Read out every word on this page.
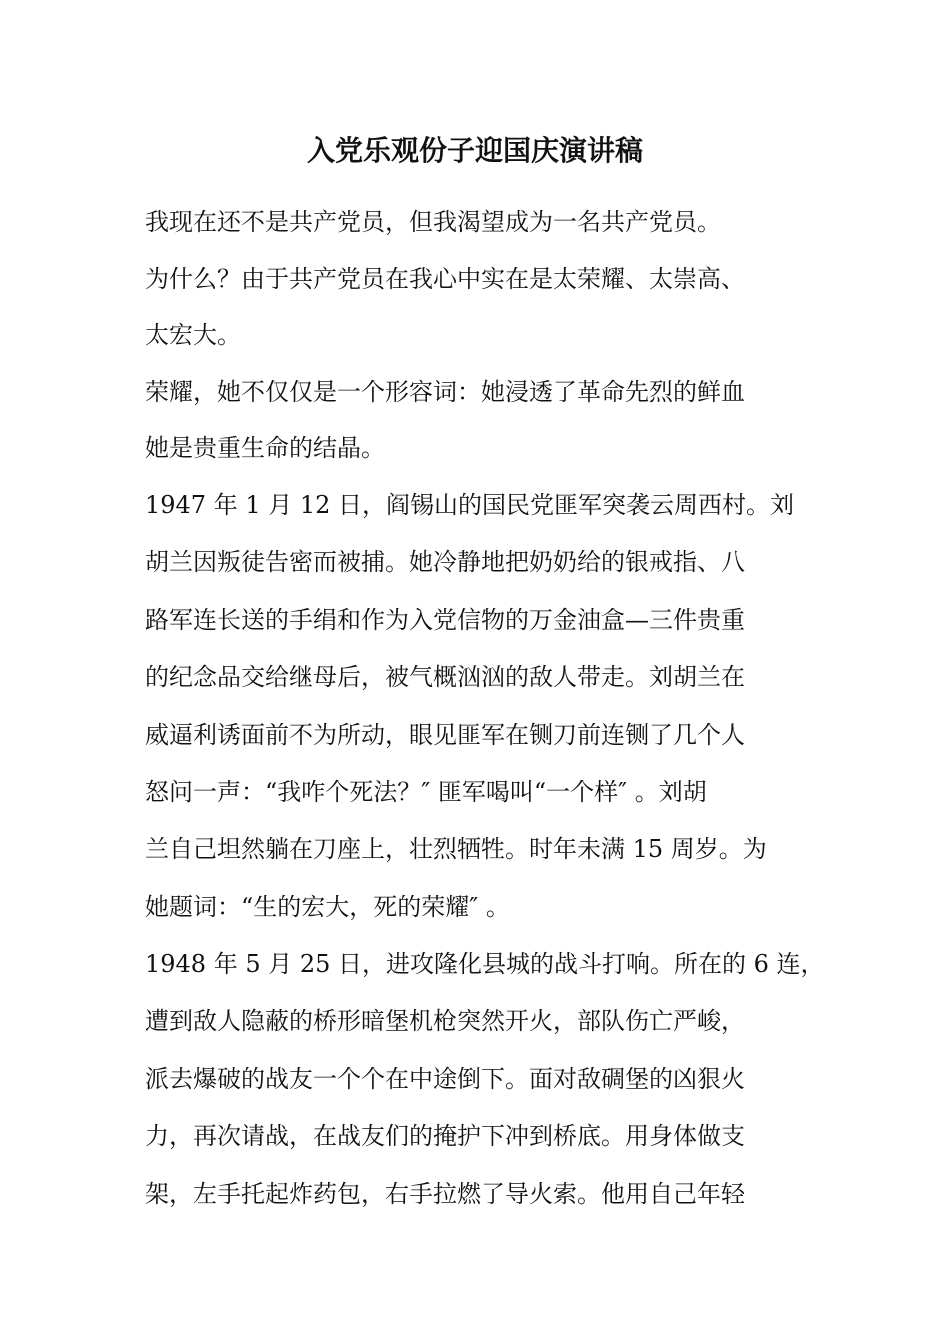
入党乐观份子迎国庆演讲稿
我现在还不是共产党员，但我渴望成为一名共产党员。
为什么？由于共产党员在我心中实在是太荣耀、太崇高、
太宏大。
荣耀，她不仅仅是一个形容词：她浸透了革命先烈的鲜血
她是贵重生命的结晶。
1947 年 1 月 12 日，阎锡山的国民党匪军突袭云周西村。刘
胡兰因叛徒告密而被捕。她冷静地把奶奶给的银戒指、八
路军连长送的手绢和作为入党信物的万金油盒—三件贵重
的纪念品交给继母后，被气概汹汹的敌人带走。刘胡兰在
威逼利诱面前不为所动，眼见匪军在铡刀前连铡了几个人
怒问一声：“我咋个死法？″ 匪军喝叫“一个样″ 。刘胡
兰自己坦然躺在刀座上，壮烈牺牲。时年未满 15 周岁。为
她题词：“生的宏大，死的荣耀″ 。
1948 年 5 月 25 日，进攻隆化县城的战斗打响。所在的 6 连，
遭到敌人隐蔽的桥形暗堡机枪突然开火，部队伤亡严峻，
派去爆破的战友一个个在中途倒下。面对敌碉堡的凶狠火
力，再次请战，在战友们的掩护下冲到桥底。用身体做支
架，左手托起炸药包，右手拉燃了导火索。他用自己年轻
